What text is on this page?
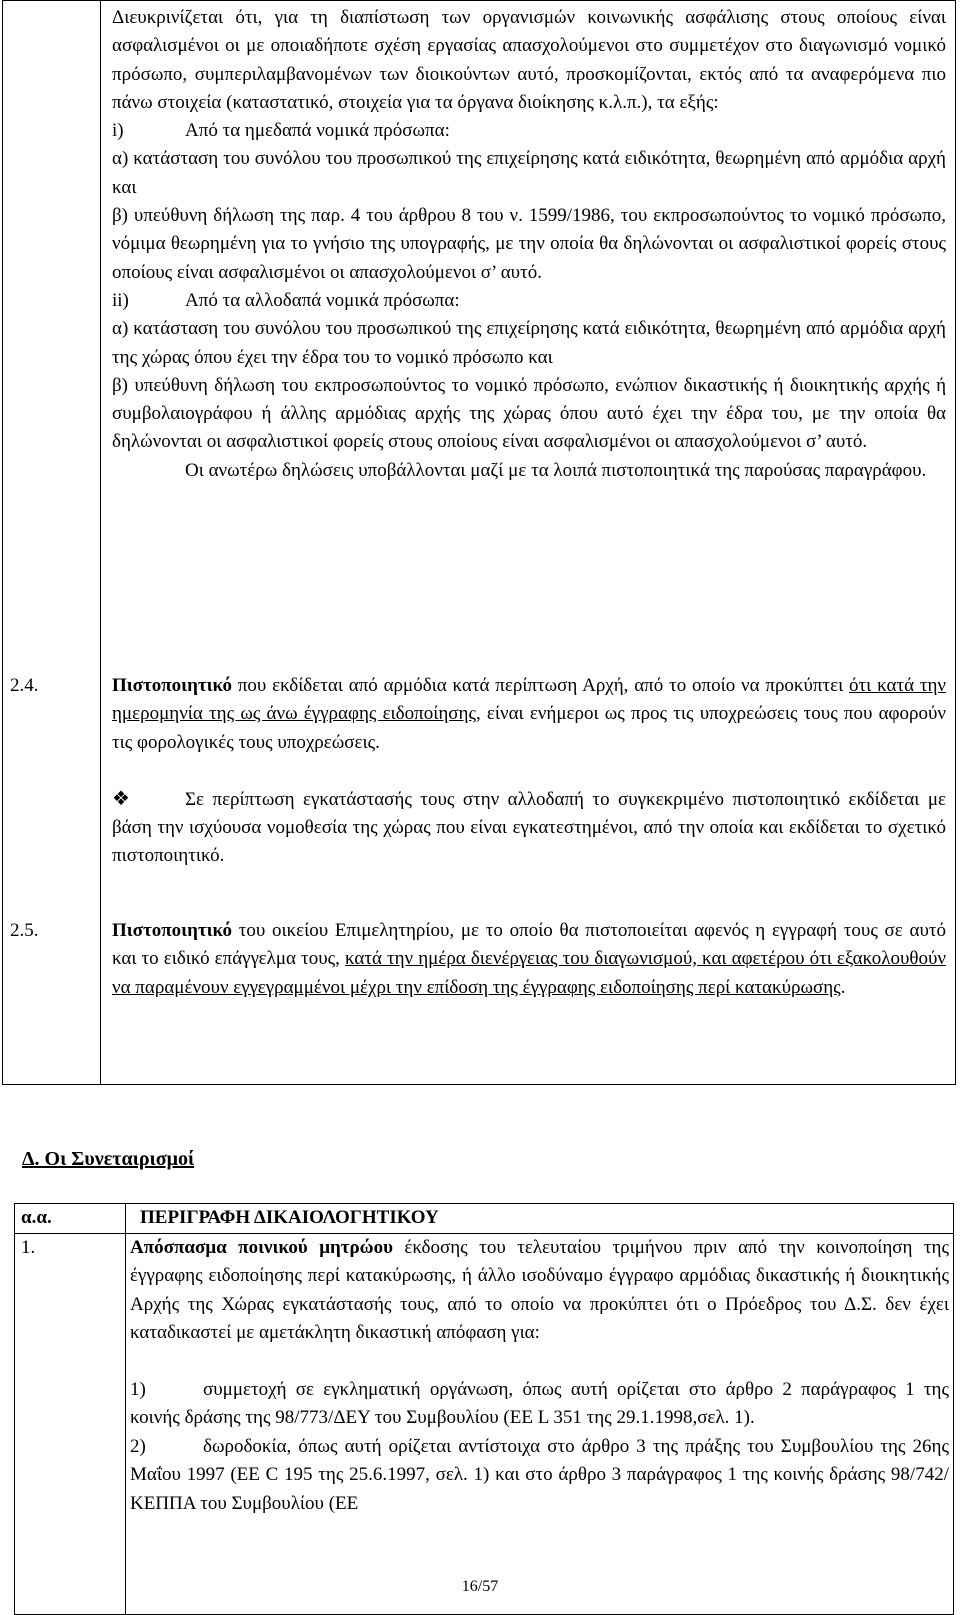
Διευκρινίζεται ότι, για τη διαπίστωση των οργανισμών κοινωνικής ασφάλισης στους οποίους είναι ασφαλισμένοι οι με οποιαδήποτε σχέση εργασίας απασχολούμενοι στο συμμετέχον στο διαγωνισμό νομικό πρόσωπο, συμπεριλαμβανομένων των διοικούντων αυτό, προσκομίζονται, εκτός από τα αναφερόμενα πιο πάνω στοιχεία (καταστατικό, στοιχεία για τα όργανα διοίκησης κ.λ.π.), τα εξής:

i)	Από τα ημεδαπά νομικά πρόσωπα:

α) κατάσταση του συνόλου του προσωπικού της επιχείρησης κατά ειδικότητα, θεωρημένη από αρμόδια αρχή και

β) υπεύθυνη δήλωση της παρ. 4 του άρθρου 8 του ν. 1599/1986, του εκπροσωπούντος το νομικό πρόσωπο, νόμιμα θεωρημένη για το γνήσιο της υπογραφής, με την οποία θα δηλώνονται οι ασφαλιστικοί φορείς στους οποίους είναι ασφαλισμένοι οι απασχολούμενοι σ’ αυτό.

ii)	Από τα αλλοδαπά νομικά πρόσωπα:

α) κατάσταση του συνόλου του προσωπικού της επιχείρησης κατά ειδικότητα, θεωρημένη από αρμόδια αρχή της χώρας όπου έχει την έδρα του το νομικό πρόσωπο και

β) υπεύθυνη δήλωση του εκπροσωπούντος το νομικό πρόσωπο, ενώπιον δικαστικής ή διοικητικής αρχής ή συμβολαιογράφου ή άλλης αρμόδιας αρχής της χώρας όπου αυτό έχει την έδρα του, με την οποία θα δηλώνονται οι ασφαλιστικοί φορείς στους οποίους είναι ασφαλισμένοι οι απασχολούμενοι σ’ αυτό.

Οι ανωτέρω δηλώσεις υποβάλλονται μαζί με τα λοιπά πιστοποιητικά της παρούσας παραγράφου.

2.4.	Πιστοποιητικό που εκδίδεται από αρμόδια κατά περίπτωση Αρχή, από το οποίο να προκύπτει ότι κατά την ημερομηνία της ως άνω έγγραφης ειδοποίησης, είναι ενήμεροι ως προς τις υποχρεώσεις τους που αφορούν τις φορολογικές τους υποχρεώσεις.

❖	Σε περίπτωση εγκατάστασής τους στην αλλοδαπή το συγκεκριμένο πιστοποιητικό εκδίδεται με βάση την ισχύουσα νομοθεσία της χώρας που είναι εγκατεστημένοι, από την οποία και εκδίδεται το σχετικό πιστοποιητικό.

2.5.	Πιστοποιητικό του οικείου Επιμελητηρίου, με το οποίο θα πιστοποιείται αφενός η εγγραφή τους σε αυτό και το ειδικό επάγγελμα τους, κατά την ημέρα διενέργειας του διαγωνισμού, και αφετέρου ότι εξακολουθούν να παραμένουν εγγεγραμμένοι μέχρι την επίδοση της έγγραφης ειδοποίησης περί κατακύρωσης.

Δ. Οι Συνεταιρισμοί
α.α.	ΠΕΡΙΓΡΑΦΗ ΔΙΚΑΙΟΛΟΓΗΤΙΚΟΥ
1.	Απόσπασμα ποινικού μητρώου έκδοσης του τελευταίου τριμήνου πριν από την κοινοποίηση της έγγραφης ειδοποίησης περί κατακύρωσης, ή άλλο ισοδύναμο έγγραφο αρμόδιας δικαστικής ή διοικητικής Αρχής της Χώρας εγκατάστασής τους, από το οποίο να προκύπτει ότι ο Πρόεδρος του Δ.Σ. δεν έχει καταδικαστεί με αμετάκλητη δικαστική απόφαση για:
1) συμμετοχή σε εγκληματική οργάνωση, όπως αυτή ορίζεται στο άρθρο 2 παράγραφος 1 της κοινής δράσης της 98/773/ΔΕΥ του Συμβουλίου (ΕΕ L 351 της 29.1.1998,σελ. 1).
2) δωροδοκία, όπως αυτή ορίζεται αντίστοιχα στο άρθρο 3 της πράξης του Συμβουλίου της 26ης Μαΐου 1997 (ΕΕ C 195 της 25.6.1997, σελ. 1) και στο άρθρο 3 παράγραφος 1 της κοινής δράσης 98/742/ΚΕΠΠΑ του Συμβουλίου (ΕΕ
16/57
